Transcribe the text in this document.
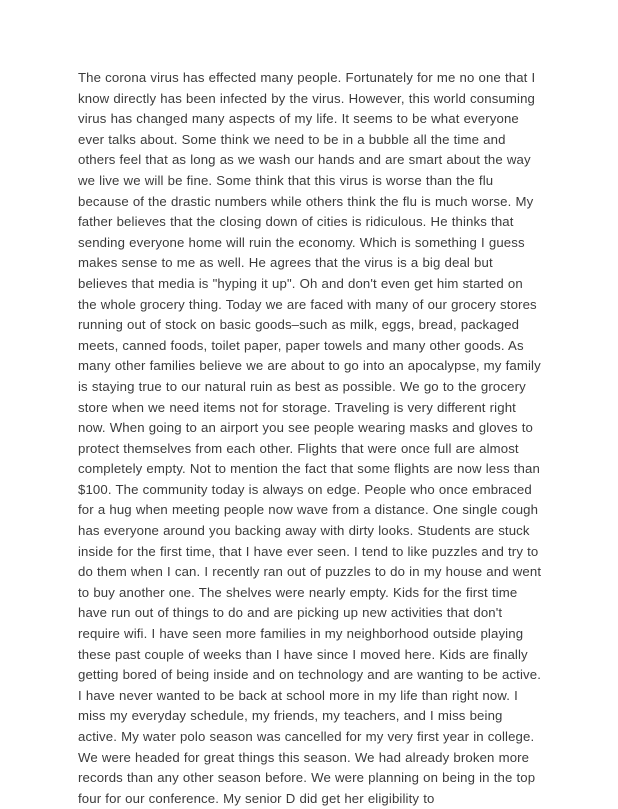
The corona virus has effected many people. Fortunately for me no one that I know directly has been infected by the virus. However, this world consuming virus has changed many aspects of my life. It seems to be what everyone ever talks about. Some think we need to be in a bubble all the time and others feel that as long as we wash our hands and are smart about the way we live we will be fine. Some think that this virus is worse than the flu because of the drastic numbers while others think the flu is much worse. My father believes that the closing down of cities is ridiculous. He thinks that sending everyone home will ruin the economy. Which is something I guess makes sense to me as well. He agrees that the virus is a big deal but believes that media is "hyping it up". Oh and don't even get him started on the whole grocery thing. Today we are faced with many of our grocery stores running out of stock on basic goods–such as milk, eggs, bread, packaged meets, canned foods, toilet paper, paper towels and many other goods. As many other families believe we are about to go into an apocalypse, my family is staying true to our natural ruin as best as possible. We go to the grocery store when we need items not for storage. Traveling is very different right now. When going to an airport you see people wearing masks and gloves to protect themselves from each other. Flights that were once full are almost completely empty. Not to mention the fact that some flights are now less than $100. The community today is always on edge. People who once embraced for a hug when meeting people now wave from a distance. One single cough has everyone around you backing away with dirty looks. Students are stuck inside for the first time, that I have ever seen. I tend to like puzzles and try to do them when I can. I recently ran out of puzzles to do in my house and went to buy another one. The shelves were nearly empty. Kids for the first time have run out of things to do and are picking up new activities that don't require wifi. I have seen more families in my neighborhood outside playing these past couple of weeks than I have since I moved here. Kids are finally getting bored of being inside and on technology and are wanting to be active. I have never wanted to be back at school more in my life than right now. I miss my everyday schedule, my friends, my teachers, and I miss being active. My water polo season was cancelled for my very first year in college. We were headed for great things this season. We had already broken more records than any other season before. We were planning on being in the top four for our conference. My senior D did get her eligibility to
